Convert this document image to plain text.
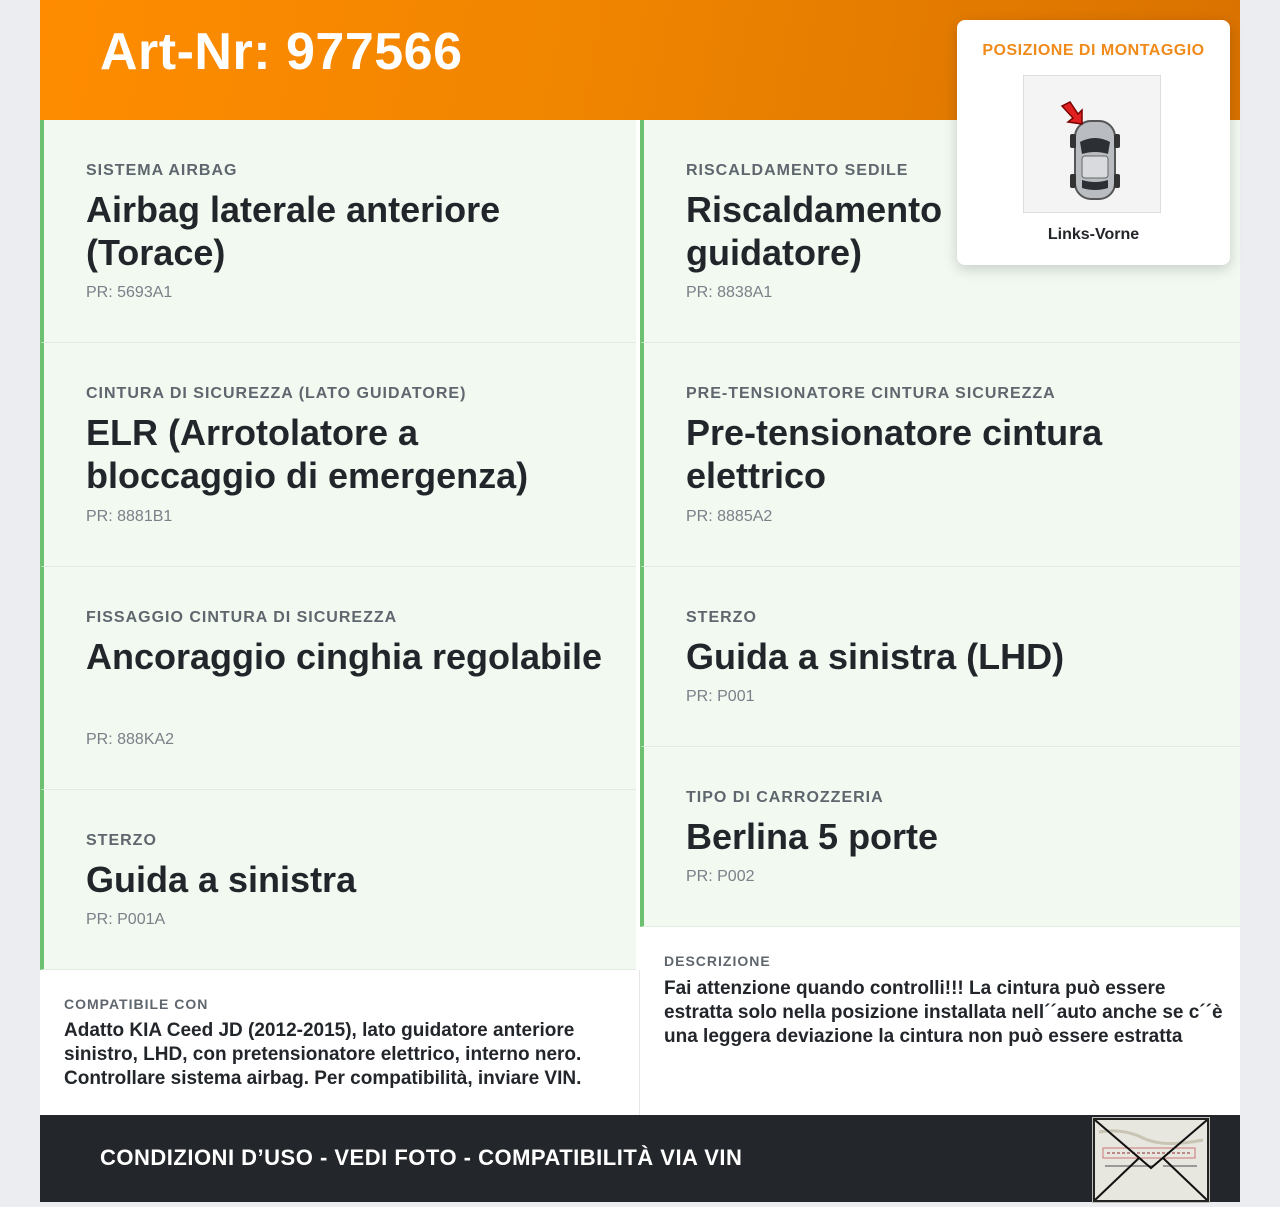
Art-Nr: 977566
SISTEMA AIRBAG
Airbag laterale anteriore (Torace)
PR: 5693A1
CINTURA DI SICUREZZA (LATO GUIDATORE)
ELR (Arrotolatore a bloccaggio di emergenza)
PR: 8881B1
FISSAGGIO CINTURA DI SICUREZZA
Ancoraggio cinghia regolabile
PR: 888KA2
STERZO
Guida a sinistra
PR: P001A
COMPATIBILE CON
Adatto KIA Ceed JD (2012-2015), lato guidatore anteriore sinistro, LHD, con pretensionatore elettrico, interno nero. Controllare sistema airbag. Per compatibilità, inviare VIN.
RISCALDAMENTO SEDILE
Riscaldamento guidatore)
PR: 8838A1
PRE-TENSIONATORE CINTURA SICUREZZA
Pre-tensionatore cintura elettrico
PR: 8885A2
STERZO
Guida a sinistra (LHD)
PR: P001
TIPO DI CARROZZERIA
Berlina 5 porte
PR: P002
DESCRIZIONE
Fai attenzione quando controlli!!! La cintura può essere estratta solo nella posizione installata nell´´auto anche se c´´è una leggera deviazione la cintura non può essere estratta
CONDIZIONI D’USO - VEDI FOTO - COMPATIBILITÀ VIA VIN
POSIZIONE DI MONTAGGIO
Links-Vorne
